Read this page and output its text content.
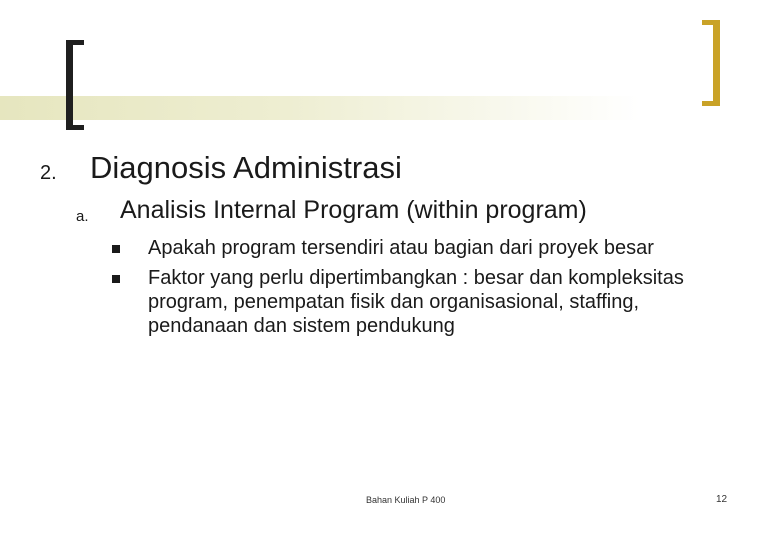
2. Diagnosis Administrasi
a. Analisis Internal Program (within program)
Apakah program tersendiri atau bagian dari proyek besar
Faktor yang perlu dipertimbangkan : besar dan kompleksitas program, penempatan fisik dan organisasional, staffing, pendanaan dan sistem pendukung
Bahan Kuliah P 400	12
